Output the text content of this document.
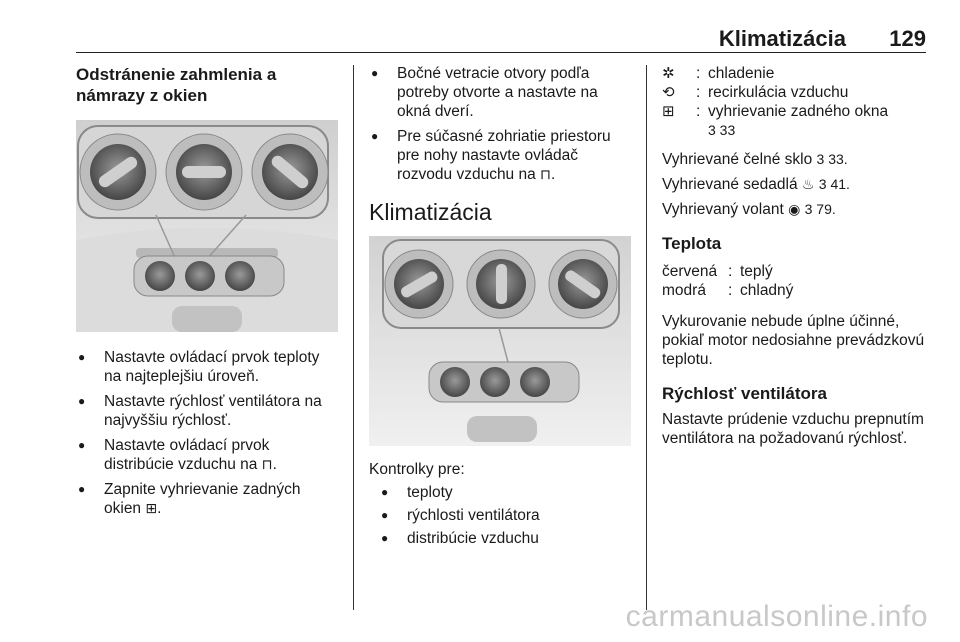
Klimatizácia 129
Odstránenie zahmlenia a námrazy z okien
● Nastavte ovládací prvok teploty na najteplejšiu úroveň.
● Nastavte rýchlosť ventilátora na najvyššiu rýchlosť.
● Nastavte ovládací prvok distribúcie vzduchu na ⊓.
● Zapnite vyhrievanie zadných okien ⊞.
● Bočné vetracie otvory podľa potreby otvorte a nastavte na okná dverí.
● Pre súčasné zohriatie priestoru pre nohy nastavte ovládač rozvodu vzduchu na ⊓.
Klimatizácia

Kontrolky pre:

● teploty
● rýchlosti ventilátora
● distribúcie vzduchu
✲	: chladenie
⟲	: recirkulácia vzduchu
⊞	: vyhrievanie zadného okna
3 33

Vyhrievané čelné sklo 3 33.

Vyhrievané sedadlá ♨ 3 41.

Vyhrievaný volant ◉ 3 79.

Teplota
červená : teplý
modrá	: chladný

Vykurovanie nebude úplne účinné, pokiaľ motor nedosiahne prevádzkovú teplotu.

Rýchlosť ventilátora

Nastavte prúdenie vzduchu prepnutím ventilátora na požadovanú rýchlosť.

carmanualsonline.info
